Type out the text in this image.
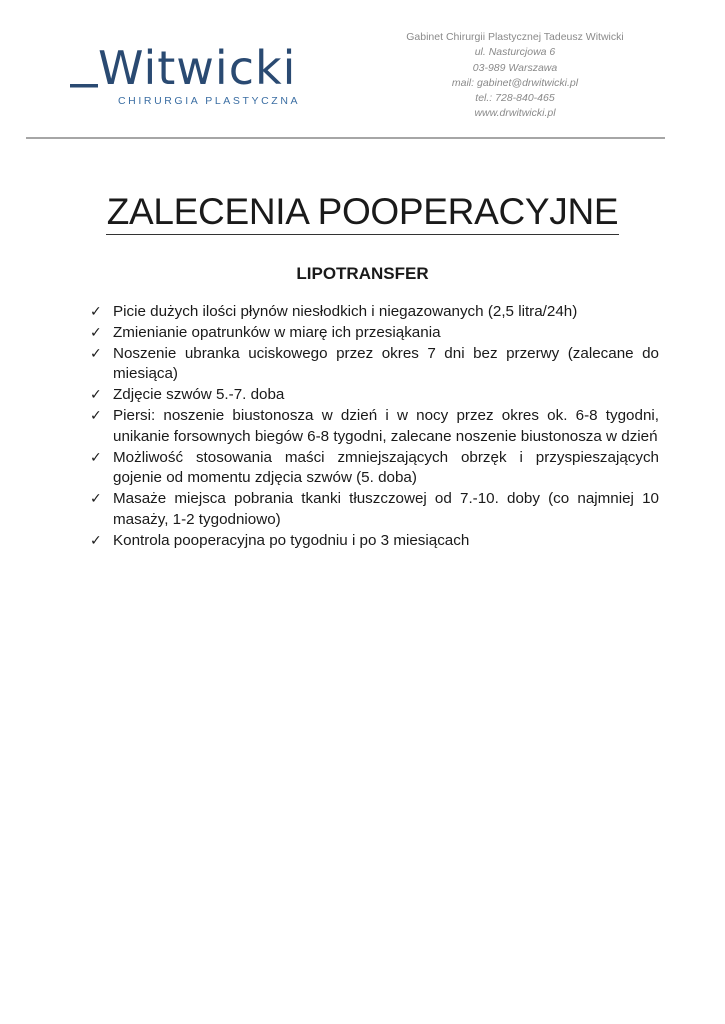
Witwicki
CHIRURGIA PLASTYCZNA
Gabinet Chirurgii Plastycznej Tadeusz Witwicki
ul. Nasturcjowa 6
03-989 Warszawa
mail: gabinet@drwitwicki.pl
tel.: 728-840-465
www.drwitwicki.pl
ZALECENIA POOPERACYJNE
LIPOTRANSFER
✓ Picie dużych ilości płynów niesłodkich i niegazowanych (2,5 litra/24h)
✓ Zmienianie opatrunków w miarę ich przesiąkania
✓ Noszenie ubranka uciskowego przez okres 7 dni bez przerwy (zalecane do miesiąca)
✓ Zdjęcie szwów 5.-7. doba
✓ Piersi: noszenie biustonosza w dzień i w nocy przez okres ok. 6-8 tygodni, unikanie forsownych biegów 6-8 tygodni, zalecane noszenie biustonosza w dzień
✓ Możliwość stosowania maści zmniejszających obrzęk i przyspieszających gojenie od momentu zdjęcia szwów (5. doba)
✓ Masaże miejsca pobrania tkanki tłuszczowej od 7.-10. doby (co najmniej 10 masaży, 1-2 tygodniowo)
✓ Kontrola pooperacyjna po tygodniu i po 3 miesiącach
